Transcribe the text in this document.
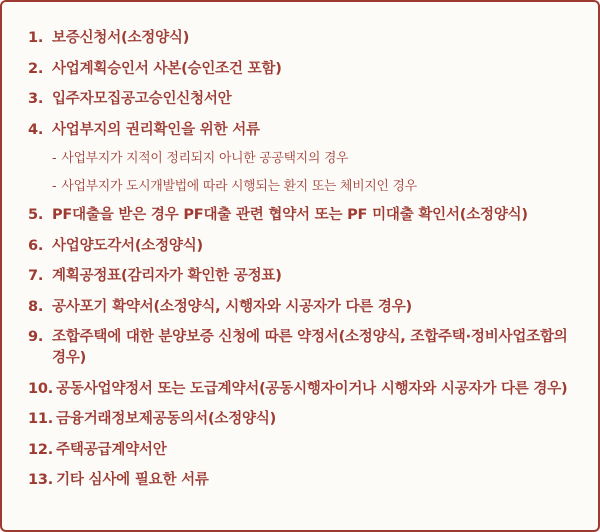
1. 보증신청서(소정양식)
2. 사업계획승인서 사본(승인조건 포함)
3. 입주자모집공고승인신청서안
4. 사업부지의 권리확인을 위한 서류
- 사업부지가 지적이 정리되지 아니한 공공택지의 경우
- 사업부지가 도시개발법에 따라 시행되는 환지 또는 체비지인 경우
5. PF대출을 받은 경우 PF대출 관련 협약서 또는 PF 미대출 확인서(소정양식)
6. 사업양도각서(소정양식)
7. 계획공정표(감리자가 확인한 공정표)
8. 공사포기 확약서(소정양식, 시행자와 시공자가 다른 경우)
9. 조합주택에 대한 분양보증 신청에 따른 약정서(소정양식, 조합주택·정비사업조합의 경우)
10. 공동사업약정서 또는 도급계약서(공동시행자이거나 시행자와 시공자가 다른 경우)
11. 금융거래정보제공동의서(소정양식)
12. 주택공급계약서안
13. 기타 심사에 필요한 서류
